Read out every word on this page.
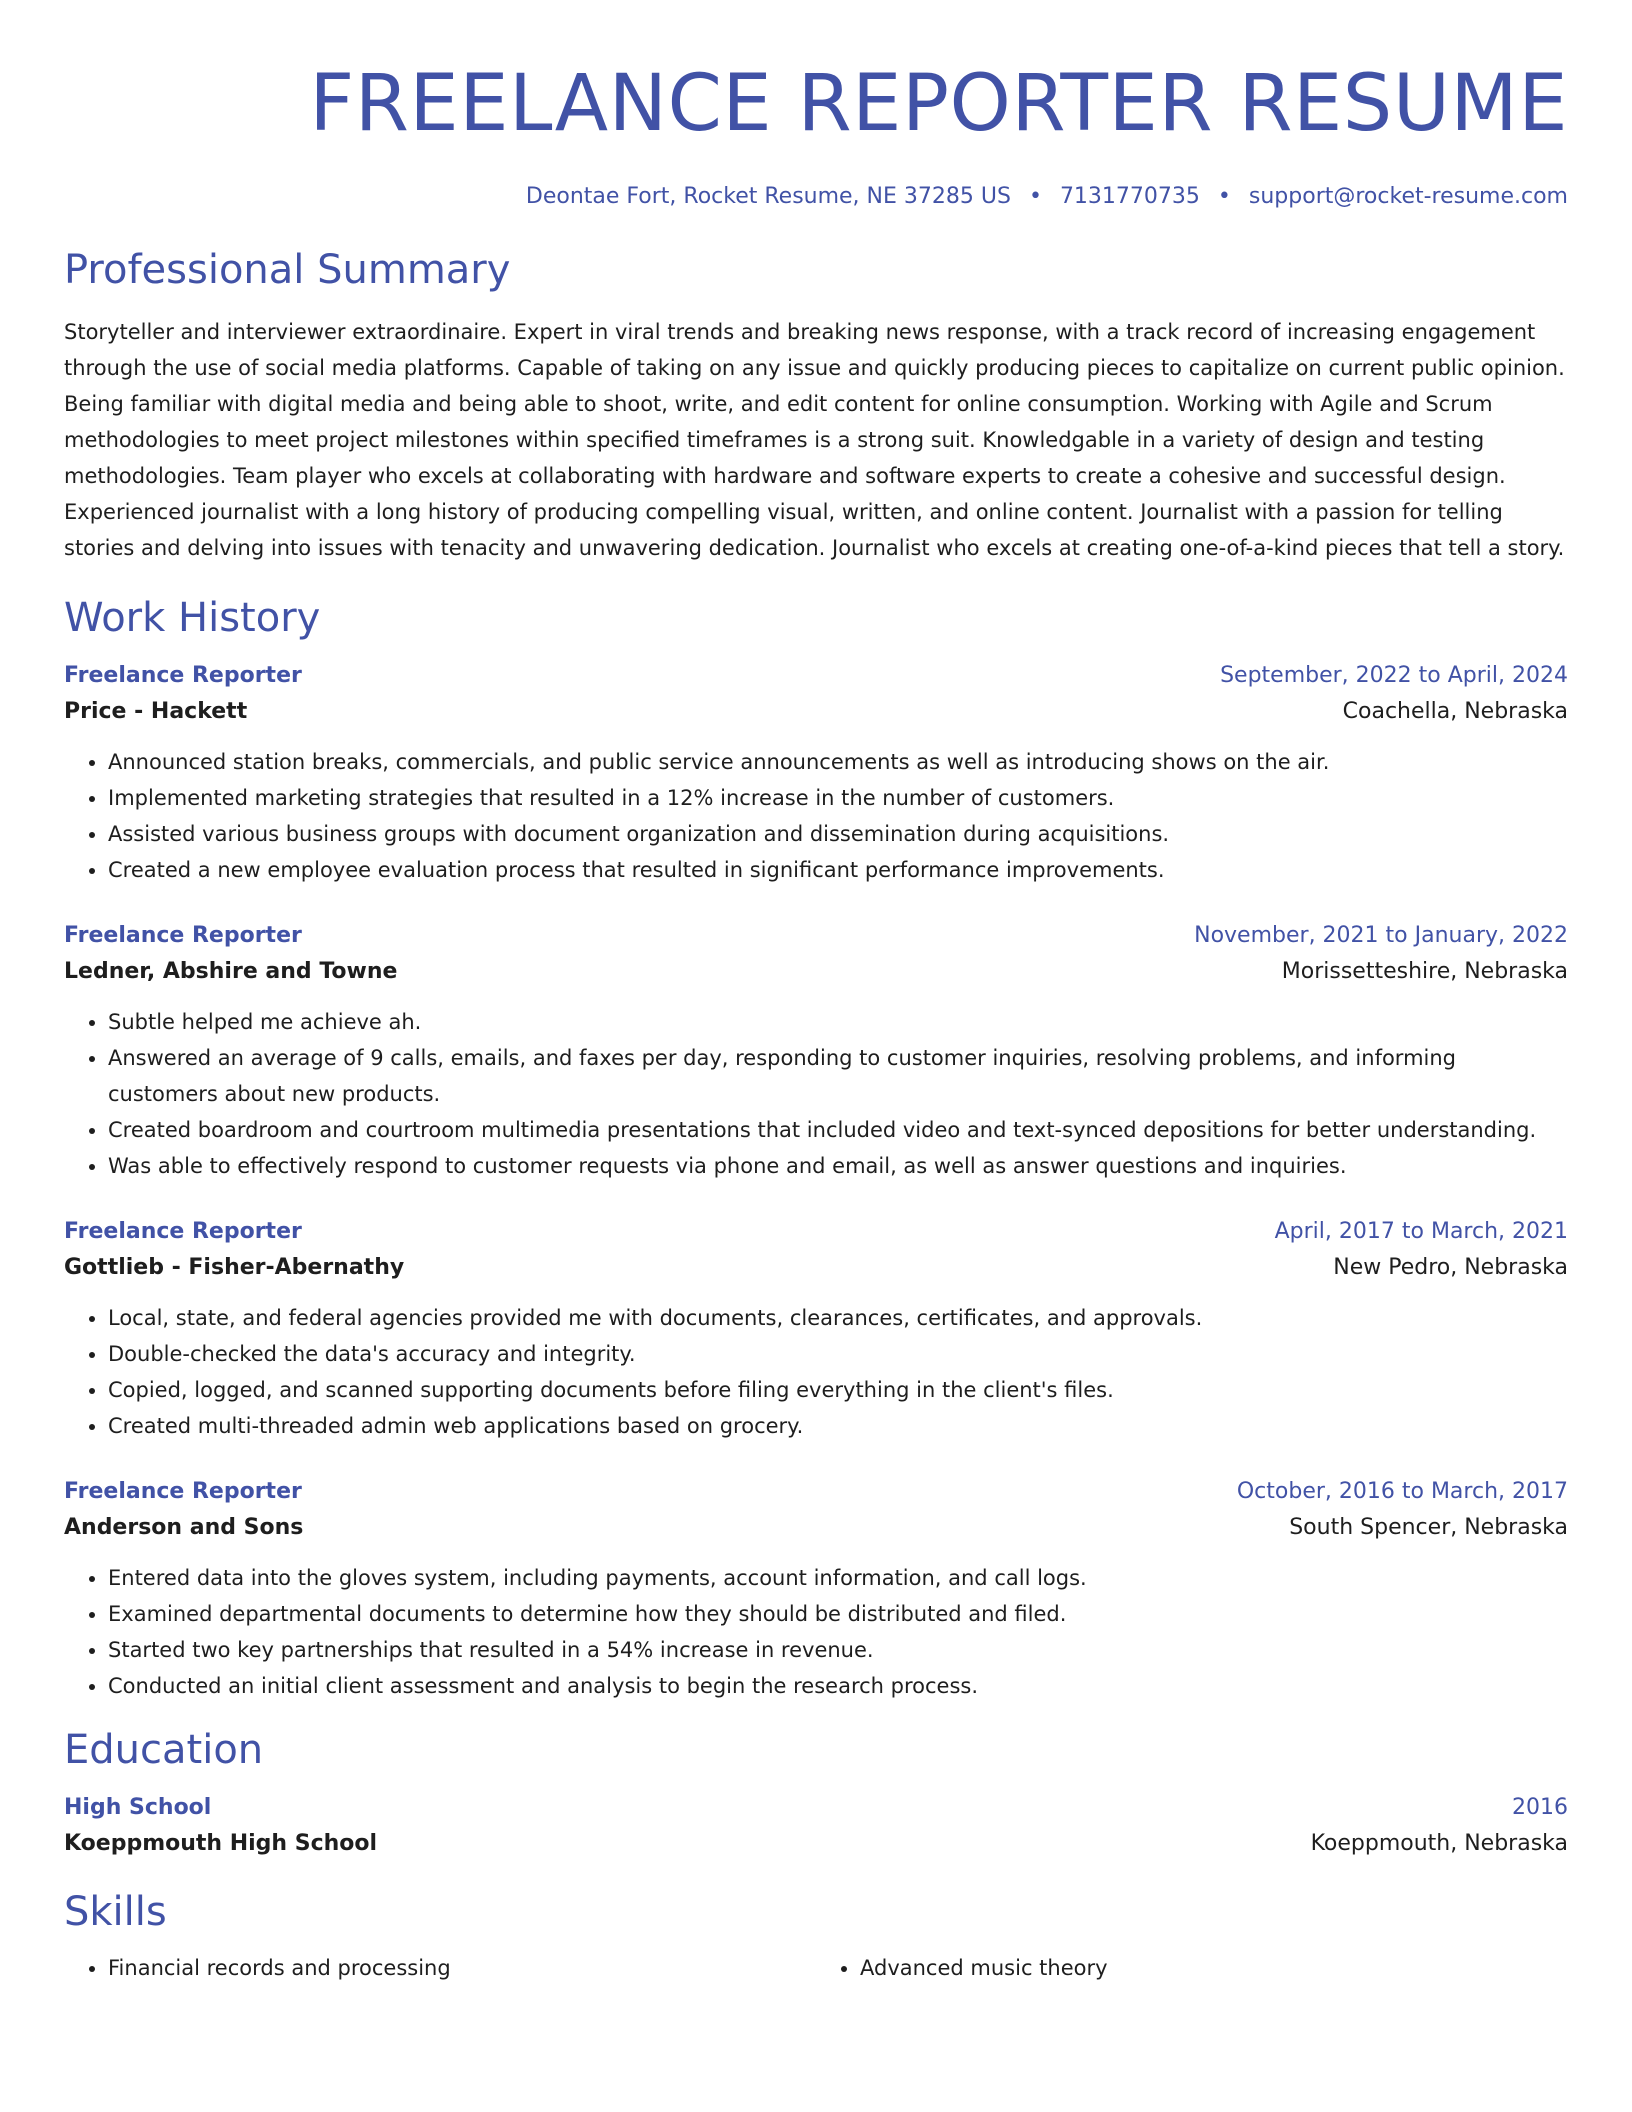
FREELANCE REPORTER RESUME
Deontae Fort, Rocket Resume, NE 37285 US • 7131770735 • support@rocket-resume.com
Professional Summary

Storyteller and interviewer extraordinaire. Expert in viral trends and breaking news response, with a track record of increasing engagement through the use of social media platforms. Capable of taking on any issue and quickly producing pieces to capitalize on current public opinion. Being familiar with digital media and being able to shoot, write, and edit content for online consumption. Working with Agile and Scrum methodologies to meet project milestones within specified timeframes is a strong suit. Knowledgable in a variety of design and testing methodologies. Team player who excels at collaborating with hardware and software experts to create a cohesive and successful design. Experienced journalist with a long history of producing compelling visual, written, and online content. Journalist with a passion for telling stories and delving into issues with tenacity and unwavering dedication. Journalist who excels at creating one-of-a-kind pieces that tell a story.

Work History
Freelance Reporter	September, 2022 to April, 2024
Price - Hackett	Coachella, Nebraska
• Announced station breaks, commercials, and public service announcements as well as introducing shows on the air.
• Implemented marketing strategies that resulted in a 12% increase in the number of customers.
• Assisted various business groups with document organization and dissemination during acquisitions.
• Created a new employee evaluation process that resulted in significant performance improvements.
Freelance Reporter	November, 2021 to January, 2022
Ledner, Abshire and Towne	Morissetteshire, Nebraska
• Subtle helped me achieve ah.
• Answered an average of 9 calls, emails, and faxes per day, responding to customer inquiries, resolving problems, and informing customers about new products.
• Created boardroom and courtroom multimedia presentations that included video and text-synced depositions for better understanding.
• Was able to effectively respond to customer requests via phone and email, as well as answer questions and inquiries.
Freelance Reporter	April, 2017 to March, 2021
Gottlieb - Fisher-Abernathy	New Pedro, Nebraska
• Local, state, and federal agencies provided me with documents, clearances, certificates, and approvals.
• Double-checked the data's accuracy and integrity.
• Copied, logged, and scanned supporting documents before filing everything in the client's files.
• Created multi-threaded admin web applications based on grocery.
Freelance Reporter	October, 2016 to March, 2017
Anderson and Sons	South Spencer, Nebraska
• Entered data into the gloves system, including payments, account information, and call logs.
• Examined departmental documents to determine how they should be distributed and filed.
• Started two key partnerships that resulted in a 54% increase in revenue.
• Conducted an initial client assessment and analysis to begin the research process.
Education
High School	2016
Koeppmouth High School	Koeppmouth, Nebraska
Skills
• Financial records and processing
•	Advanced music theory
